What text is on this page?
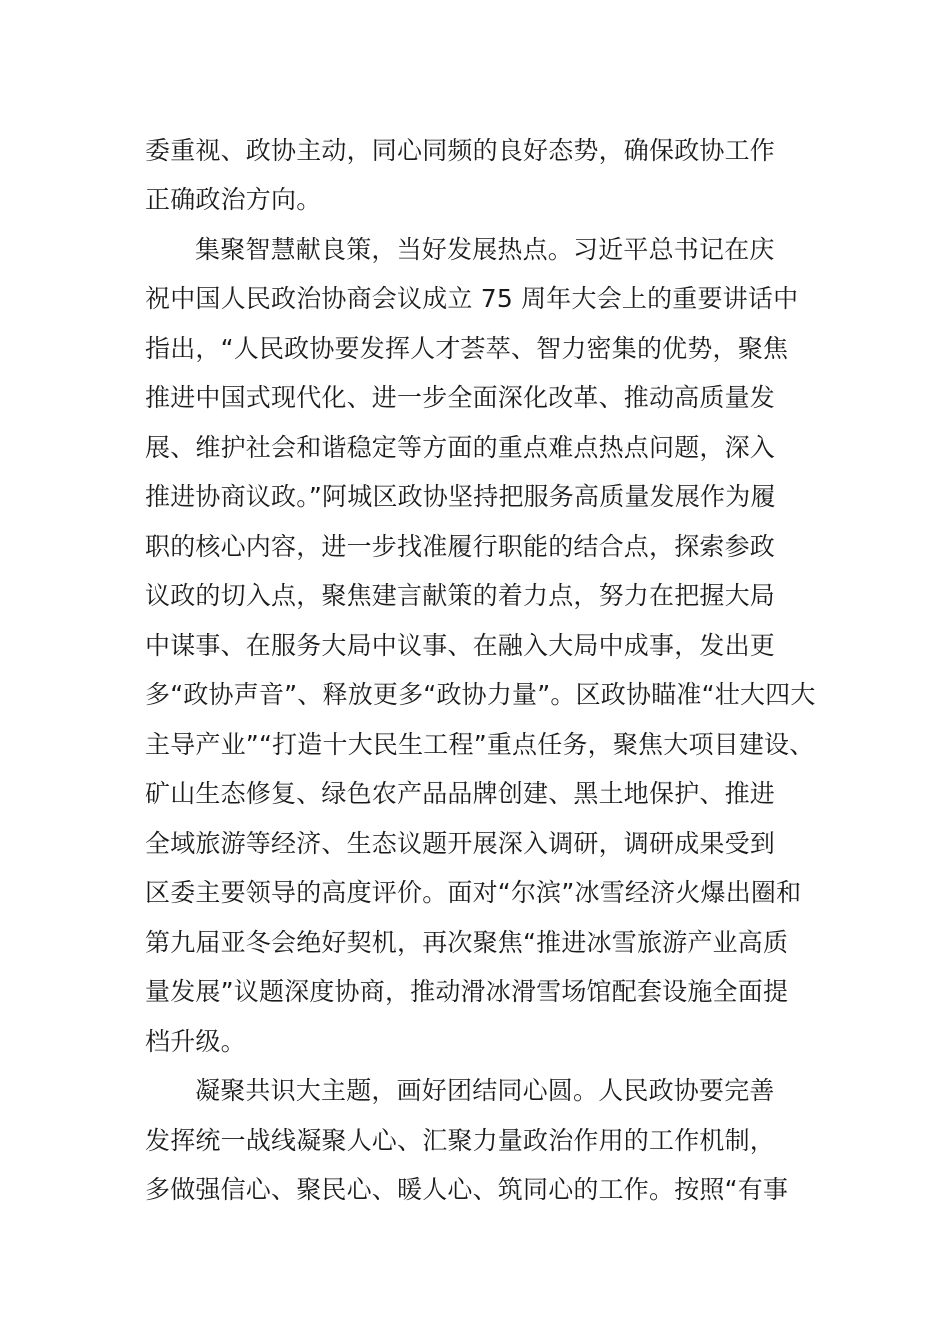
委重视、政协主动，同心同频的良好态势，确保政协工作
正确政治方向。
集聚智慧献良策，当好发展热点。习近平总书记在庆
祝中国人民政治协商会议成立 75 周年大会上的重要讲话中
指出，“人民政协要发挥人才荟萃、智力密集的优势，聚焦
推进中国式现代化、进一步全面深化改革、推动高质量发
展、维护社会和谐稳定等方面的重点难点热点问题，深入
推进协商议政。”阿城区政协坚持把服务高质量发展作为履
职的核心内容，进一步找准履行职能的结合点，探索参政
议政的切入点，聚焦建言献策的着力点，努力在把握大局
中谋事、在服务大局中议事、在融入大局中成事，发出更
多“政协声音”、释放更多“政协力量”。区政协瞄准“壮大四大
主导产业”“打造十大民生工程”重点任务，聚焦大项目建设、
矿山生态修复、绿色农产品品牌创建、黑土地保护、推进
全域旅游等经济、生态议题开展深入调研，调研成果受到
区委主要领导的高度评价。面对“尔滨”冰雪经济火爆出圈和
第九届亚冬会绝好契机，再次聚焦“推进冰雪旅游产业高质
量发展”议题深度协商，推动滑冰滑雪场馆配套设施全面提
档升级。
凝聚共识大主题，画好团结同心圆。人民政协要完善
发挥统一战线凝聚人心、汇聚力量政治作用的工作机制，
多做强信心、聚民心、暖人心、筑同心的工作。按照“有事
